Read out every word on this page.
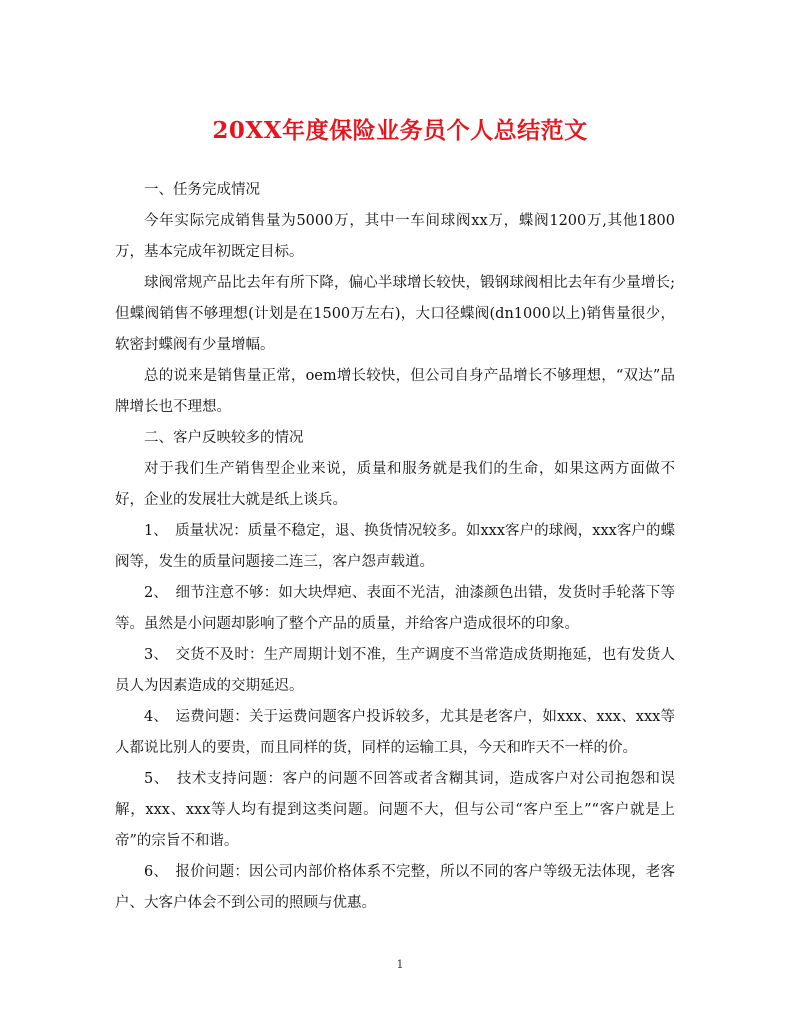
20XX年度保险业务员个人总结范文

一、任务完成情况

今年实际完成销售量为5000万，其中一车间球阀xx万，蝶阀1200万,其他1800万，基本完成年初既定目标。

球阀常规产品比去年有所下降，偏心半球增长较快，锻钢球阀相比去年有少量增长;但蝶阀销售不够理想(计划是在1500万左右)，大口径蝶阀(dn1000以上)销售量很少，软密封蝶阀有少量增幅。

总的说来是销售量正常，oem增长较快，但公司自身产品增长不够理想，“双达”品牌增长也不理想。

二、客户反映较多的情况

对于我们生产销售型企业来说，质量和服务就是我们的生命，如果这两方面做不好，企业的发展壮大就是纸上谈兵。

1、　质量状况：质量不稳定，退、换货情况较多。如xxx客户的球阀，xxx客户的蝶阀等，发生的质量问题接二连三，客户怨声载道。

2、　细节注意不够：如大块焊疤、表面不光洁，油漆颜色出错，发货时手轮落下等等。虽然是小问题却影响了整个产品的质量，并给客户造成很坏的印象。

3、　交货不及时：生产周期计划不准，生产调度不当常造成货期拖延，也有发货人员人为因素造成的交期延迟。

4、　运费问题：关于运费问题客户投诉较多，尤其是老客户，如xxx、xxx、xxx等人都说比别人的要贵，而且同样的货，同样的运输工具，今天和昨天不一样的价。

5、　技术支持问题：客户的问题不回答或者含糊其词，造成客户对公司抱怨和误解，xxx、xxx等人均有提到这类问题。问题不大，但与公司“客户至上”“客户就是上帝”的宗旨不和谐。

6、　报价问题：因公司内部价格体系不完整，所以不同的客户等级无法体现，老客户、大客户体会不到公司的照顾与优惠。

1
